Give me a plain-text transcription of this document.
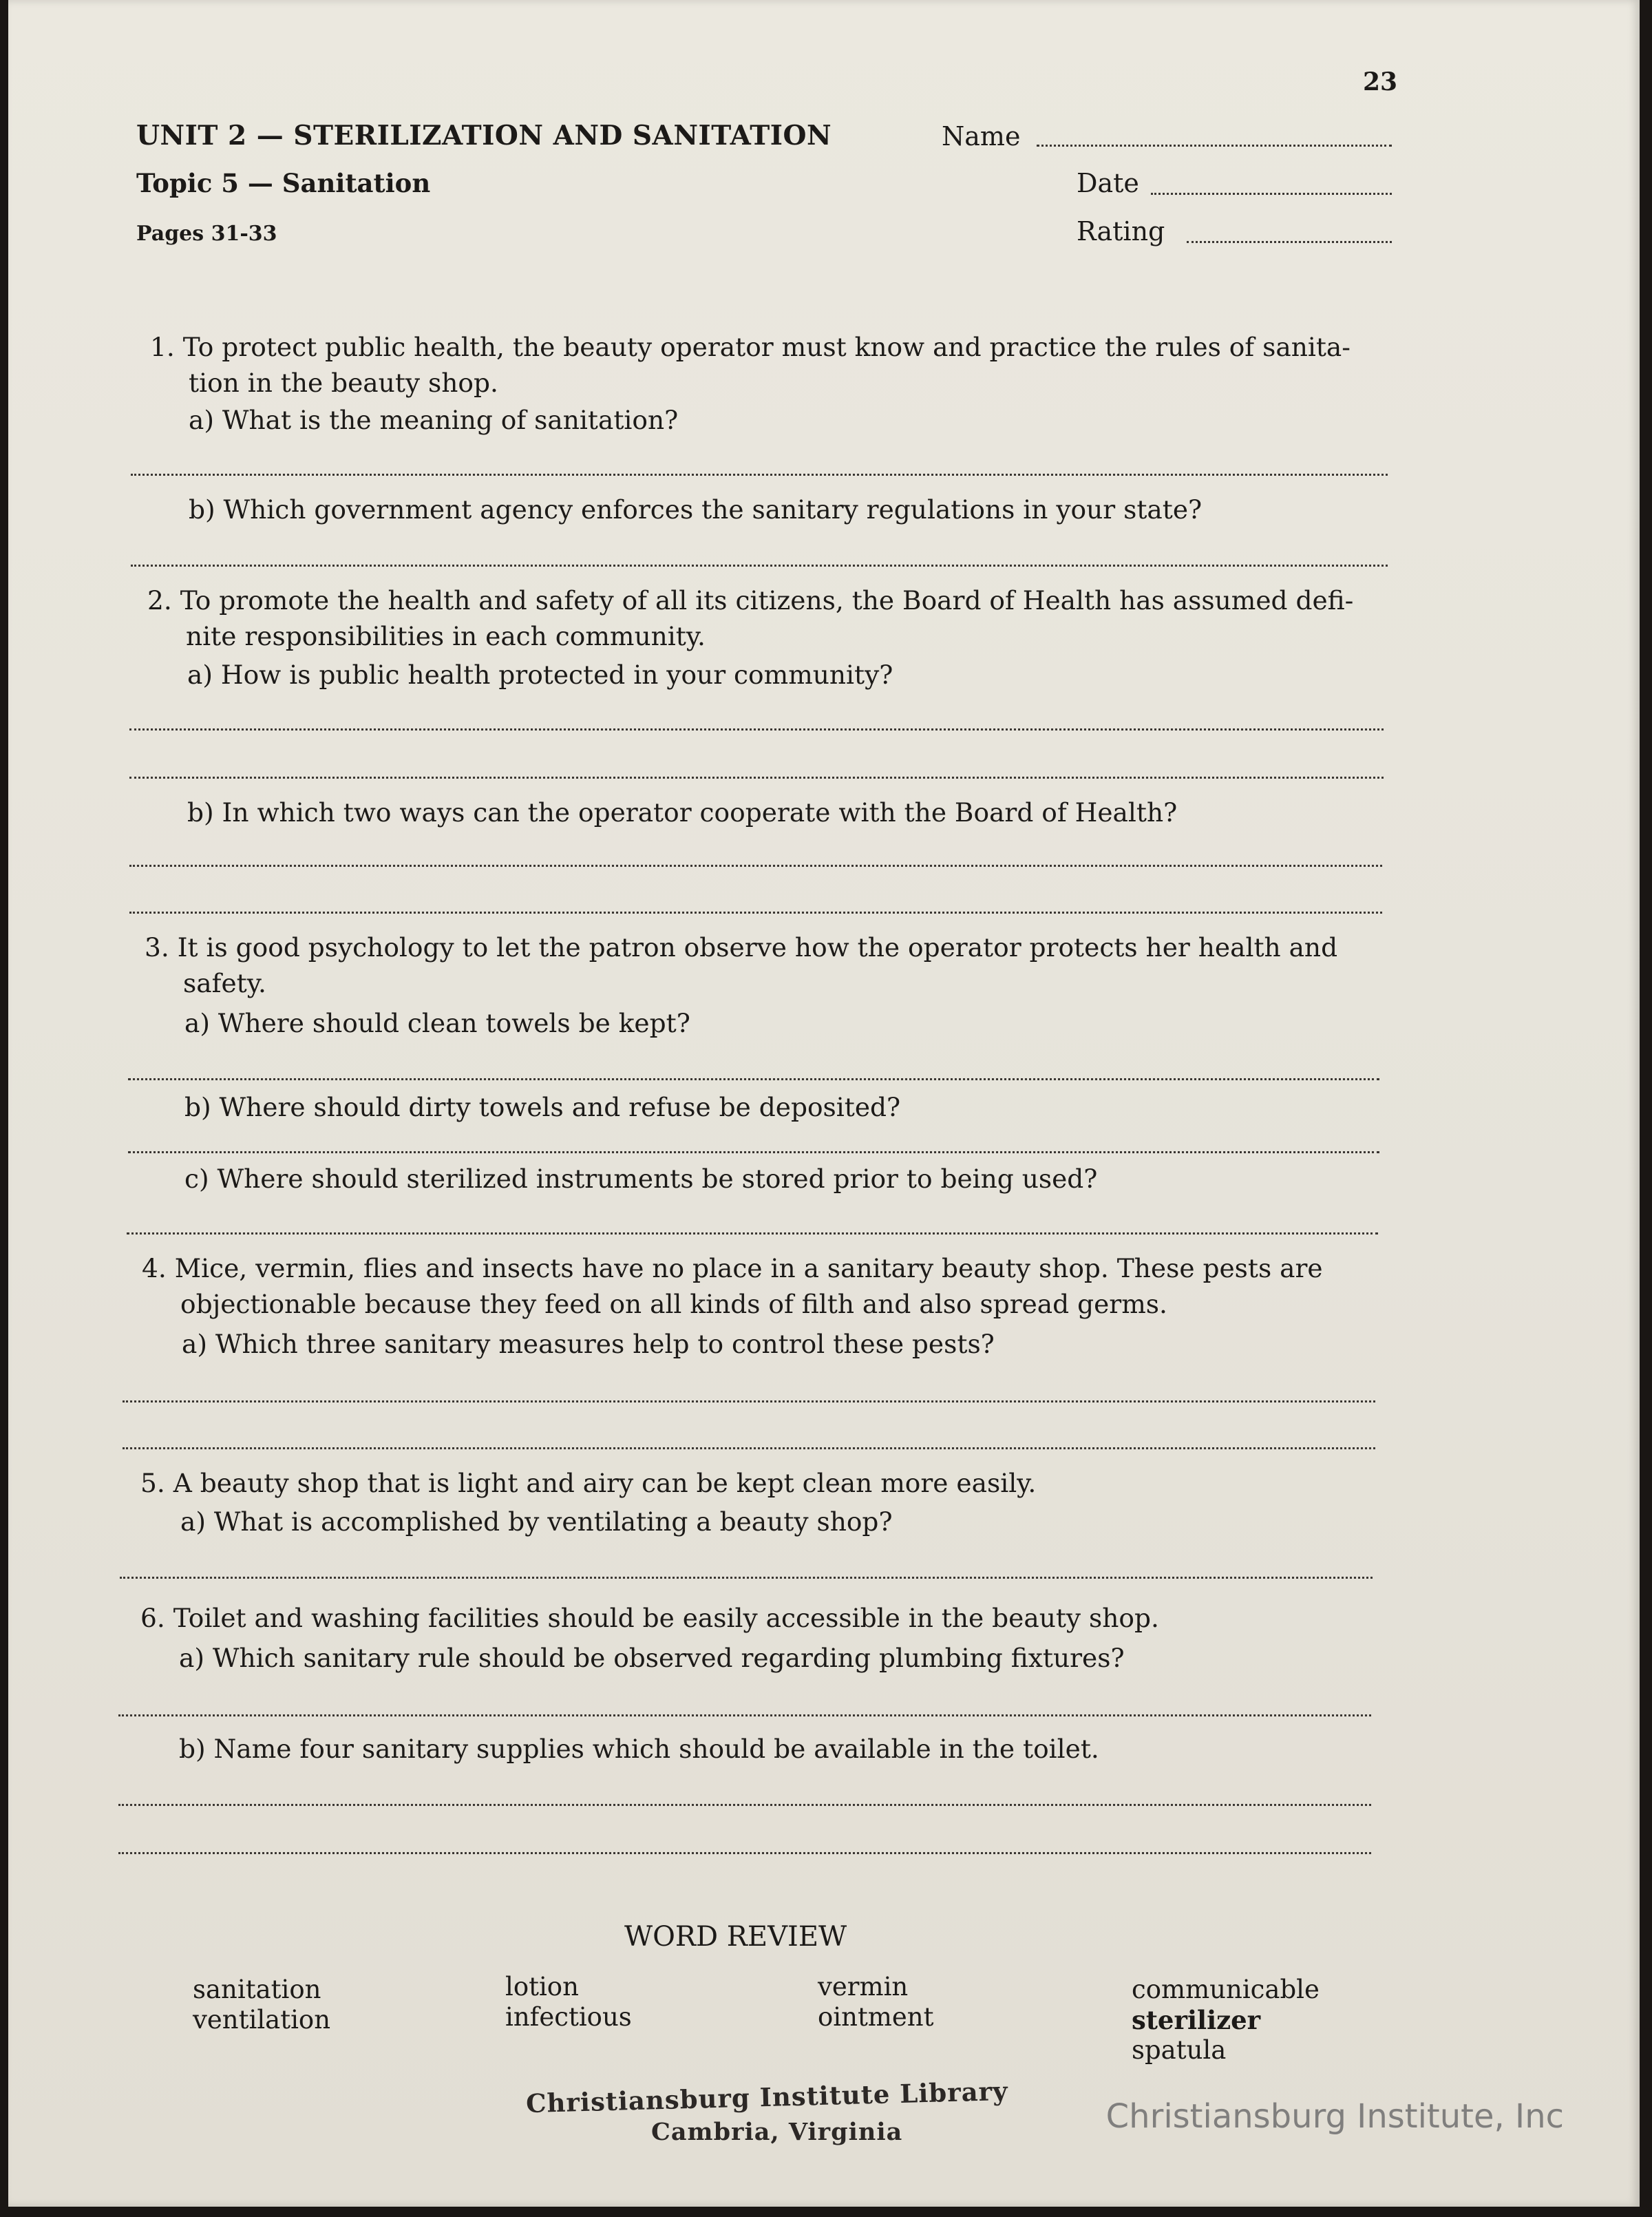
23
UNIT 2 — STERILIZATION AND SANITATION
Topic 5 — Sanitation
Pages 31-33
Name
Date
Rating
1. To protect public health, the beauty operator must know and practice the rules of sanita-
tion in the beauty shop.
a) What is the meaning of sanitation?
b) Which government agency enforces the sanitary regulations in your state?
2. To promote the health and safety of all its citizens, the Board of Health has assumed defi-
nite responsibilities in each community.
a) How is public health protected in your community?
b) In which two ways can the operator cooperate with the Board of Health?
3. It is good psychology to let the patron observe how the operator protects her health and
safety.
a) Where should clean towels be kept?
b) Where should dirty towels and refuse be deposited?
c) Where should sterilized instruments be stored prior to being used?
4. Mice, vermin, flies and insects have no place in a sanitary beauty shop. These pests are
objectionable because they feed on all kinds of filth and also spread germs.
a) Which three sanitary measures help to control these pests?
5. A beauty shop that is light and airy can be kept clean more easily.
a) What is accomplished by ventilating a beauty shop?
6. Toilet and washing facilities should be easily accessible in the beauty shop.
a) Which sanitary rule should be observed regarding plumbing fixtures?
b) Name four sanitary supplies which should be available in the toilet.
WORD REVIEW
sanitation
ventilation
lotion
infectious
vermin
ointment
communicable
sterilizer
spatula
Christiansburg Institute Library
Cambria, Virginia	Christiansburg Institute, Inc
